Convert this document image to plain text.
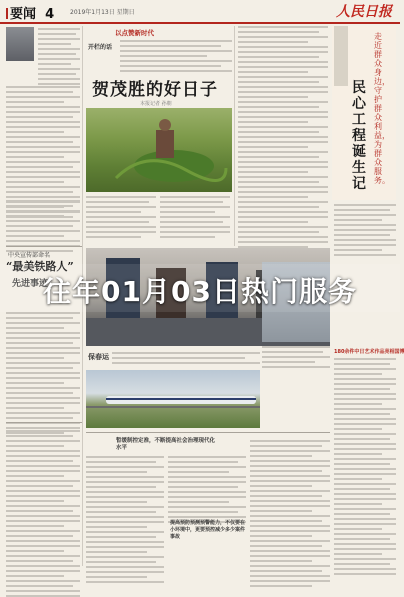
要闻 4	2019年1月13日 星期日	人民日报
中央宣传部命名
“最美铁路人”
先进事迹
以点赞新时代
开栏的话
贺茂胜的好日子
本报记者 孙朝
走近群众身边，守护群众利益，为群众服务。
民心工程诞生记
保春运
180余件中日艺术作品亮相国博
暂缓制控定准，不断提高社会治理现代化水平
提高预防预测预警能力，不仅要在小环境中，更要预控减少多少案件事故
往年01月03日热门服务
